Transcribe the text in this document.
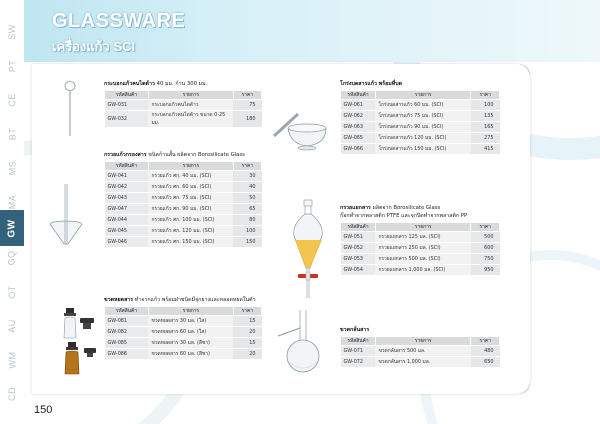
GLASSWARE
เครื่องแก้ว SCI
SW
PT
CE
BT
MS
MA
GW
GQ
OT
AU
WM
CD
กระบอกแก้วคนไดด้าว 40 มม. ก้าน 300 มม.
รหัสสินค้า	รายการ	ราคา
GW-031	กระบอกแก้วคนไดด้าว	75
GW-032	กระบอกแก้วคนไดด้าว ขนาด 0-25 มม.	180
กรวยแก้วกรองสาร ชนิดก้านสั้น ผลิตจาก Borosilicate Glass
รหัสสินค้า	รายการ	ราคา
GW-041	กรวยแก้ว ศก. 40 มม. (SCI)	30
GW-042	กรวยแก้ว ศก. 60 มม. (SCI)	40
GW-043	กรวยแก้ว ศก. 75 มม. (SCI)	50
GW-047	กรวยแก้ว ศก. 90 มม. (SCI)	65
GW-044	กรวยแก้ว ศก. 100 มม. (SCI)	80
GW-045	กรวยแก้ว ศก. 120 มม. (SCI)	100
GW-046	กรวยแก้ว ศก. 150 มม. (SCI)	150
ขวดหยดสาร ทำจากแก้ว พร้อมฝาชนิดมีจุกยางและหลอดหยดในตัว
รหัสสินค้า	รายการ	ราคา
GW-081	ขวดหยดสาร 30 มล. (ใส)	15
GW-082	ขวดหยดสาร 60 มล. (ใส)	20
GW-085	ขวดหยดสาร 30 มล. (สีชา)	15
GW-086	ขวดหยดสาร 60 มล. (สีชา)	20
โกร่งบดสารแก้ว พร้อมที่บด
รหัสสินค้า	รายการ	ราคา
GW-061	โกร่งบดสารแก้ว 60 มม. (SCI)	100
GW-062	โกร่งบดสารแก้ว 75 มม. (SCI)	135
GW-063	โกร่งบดสารแก้ว 90 มม. (SCI)	165
GW-065	โกร่งบดสารแก้ว 120 มม. (SCI)	275
GW-066	โกร่งบดสารแก้ว 150 มม. (SCI)	415
กรวยแยกสาร ผลิตจาก Borosilicate Glass
ก๊อกทำจากพลาสติก PTFE และจุกปิดทำจากพลาสติก PP
รหัสสินค้า	รายการ	ราคา
GW-051	กรวยแยกสาร 125 มล. (SCI)	500
GW-052	กรวยแยกสาร 250 มล. (SCI)	600
GW-053	กรวยแยกสาร 500 มล. (SCI)	750
GW-054	กรวยแยกสาร 1,000 มล. (SCI)	950
ขวดกลั่นสาร
รหัสสินค้า	รายการ	ราคา
GW-071	ขวดกลั่นสาร 500 มล.	480
GW-072	ขวดกลั่นสาร 1,000 มล.	650
150
